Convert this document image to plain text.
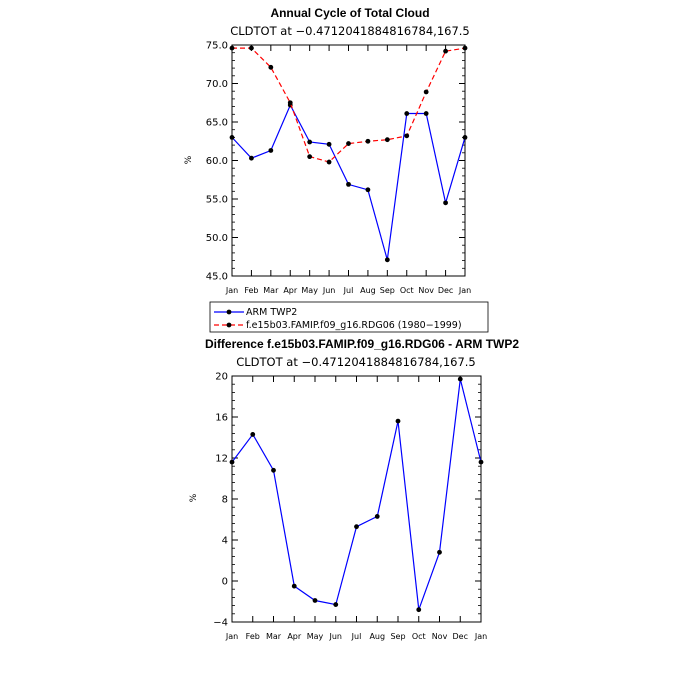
Annual Cycle of Total Cloud
CLDTOT at −0.4712041884816784,167.5
%
45.0
50.0
55.0
60.0
65.0
70.0
75.0
Jan Feb Mar Apr May Jun Jul Aug Sep Oct Nov Dec Jan
ARM TWP2
f.e15b03.FAMIP.f09_g16.RDG06 (1980−1999)
Difference f.e15b03.FAMIP.f09_g16.RDG06 - ARM TWP2
CLDTOT at −0.4712041884816784,167.5
%
−4
0
4
8
12
16
20
Jan Feb Mar Apr May Jun Jul Aug Sep Oct Nov Dec Jan
